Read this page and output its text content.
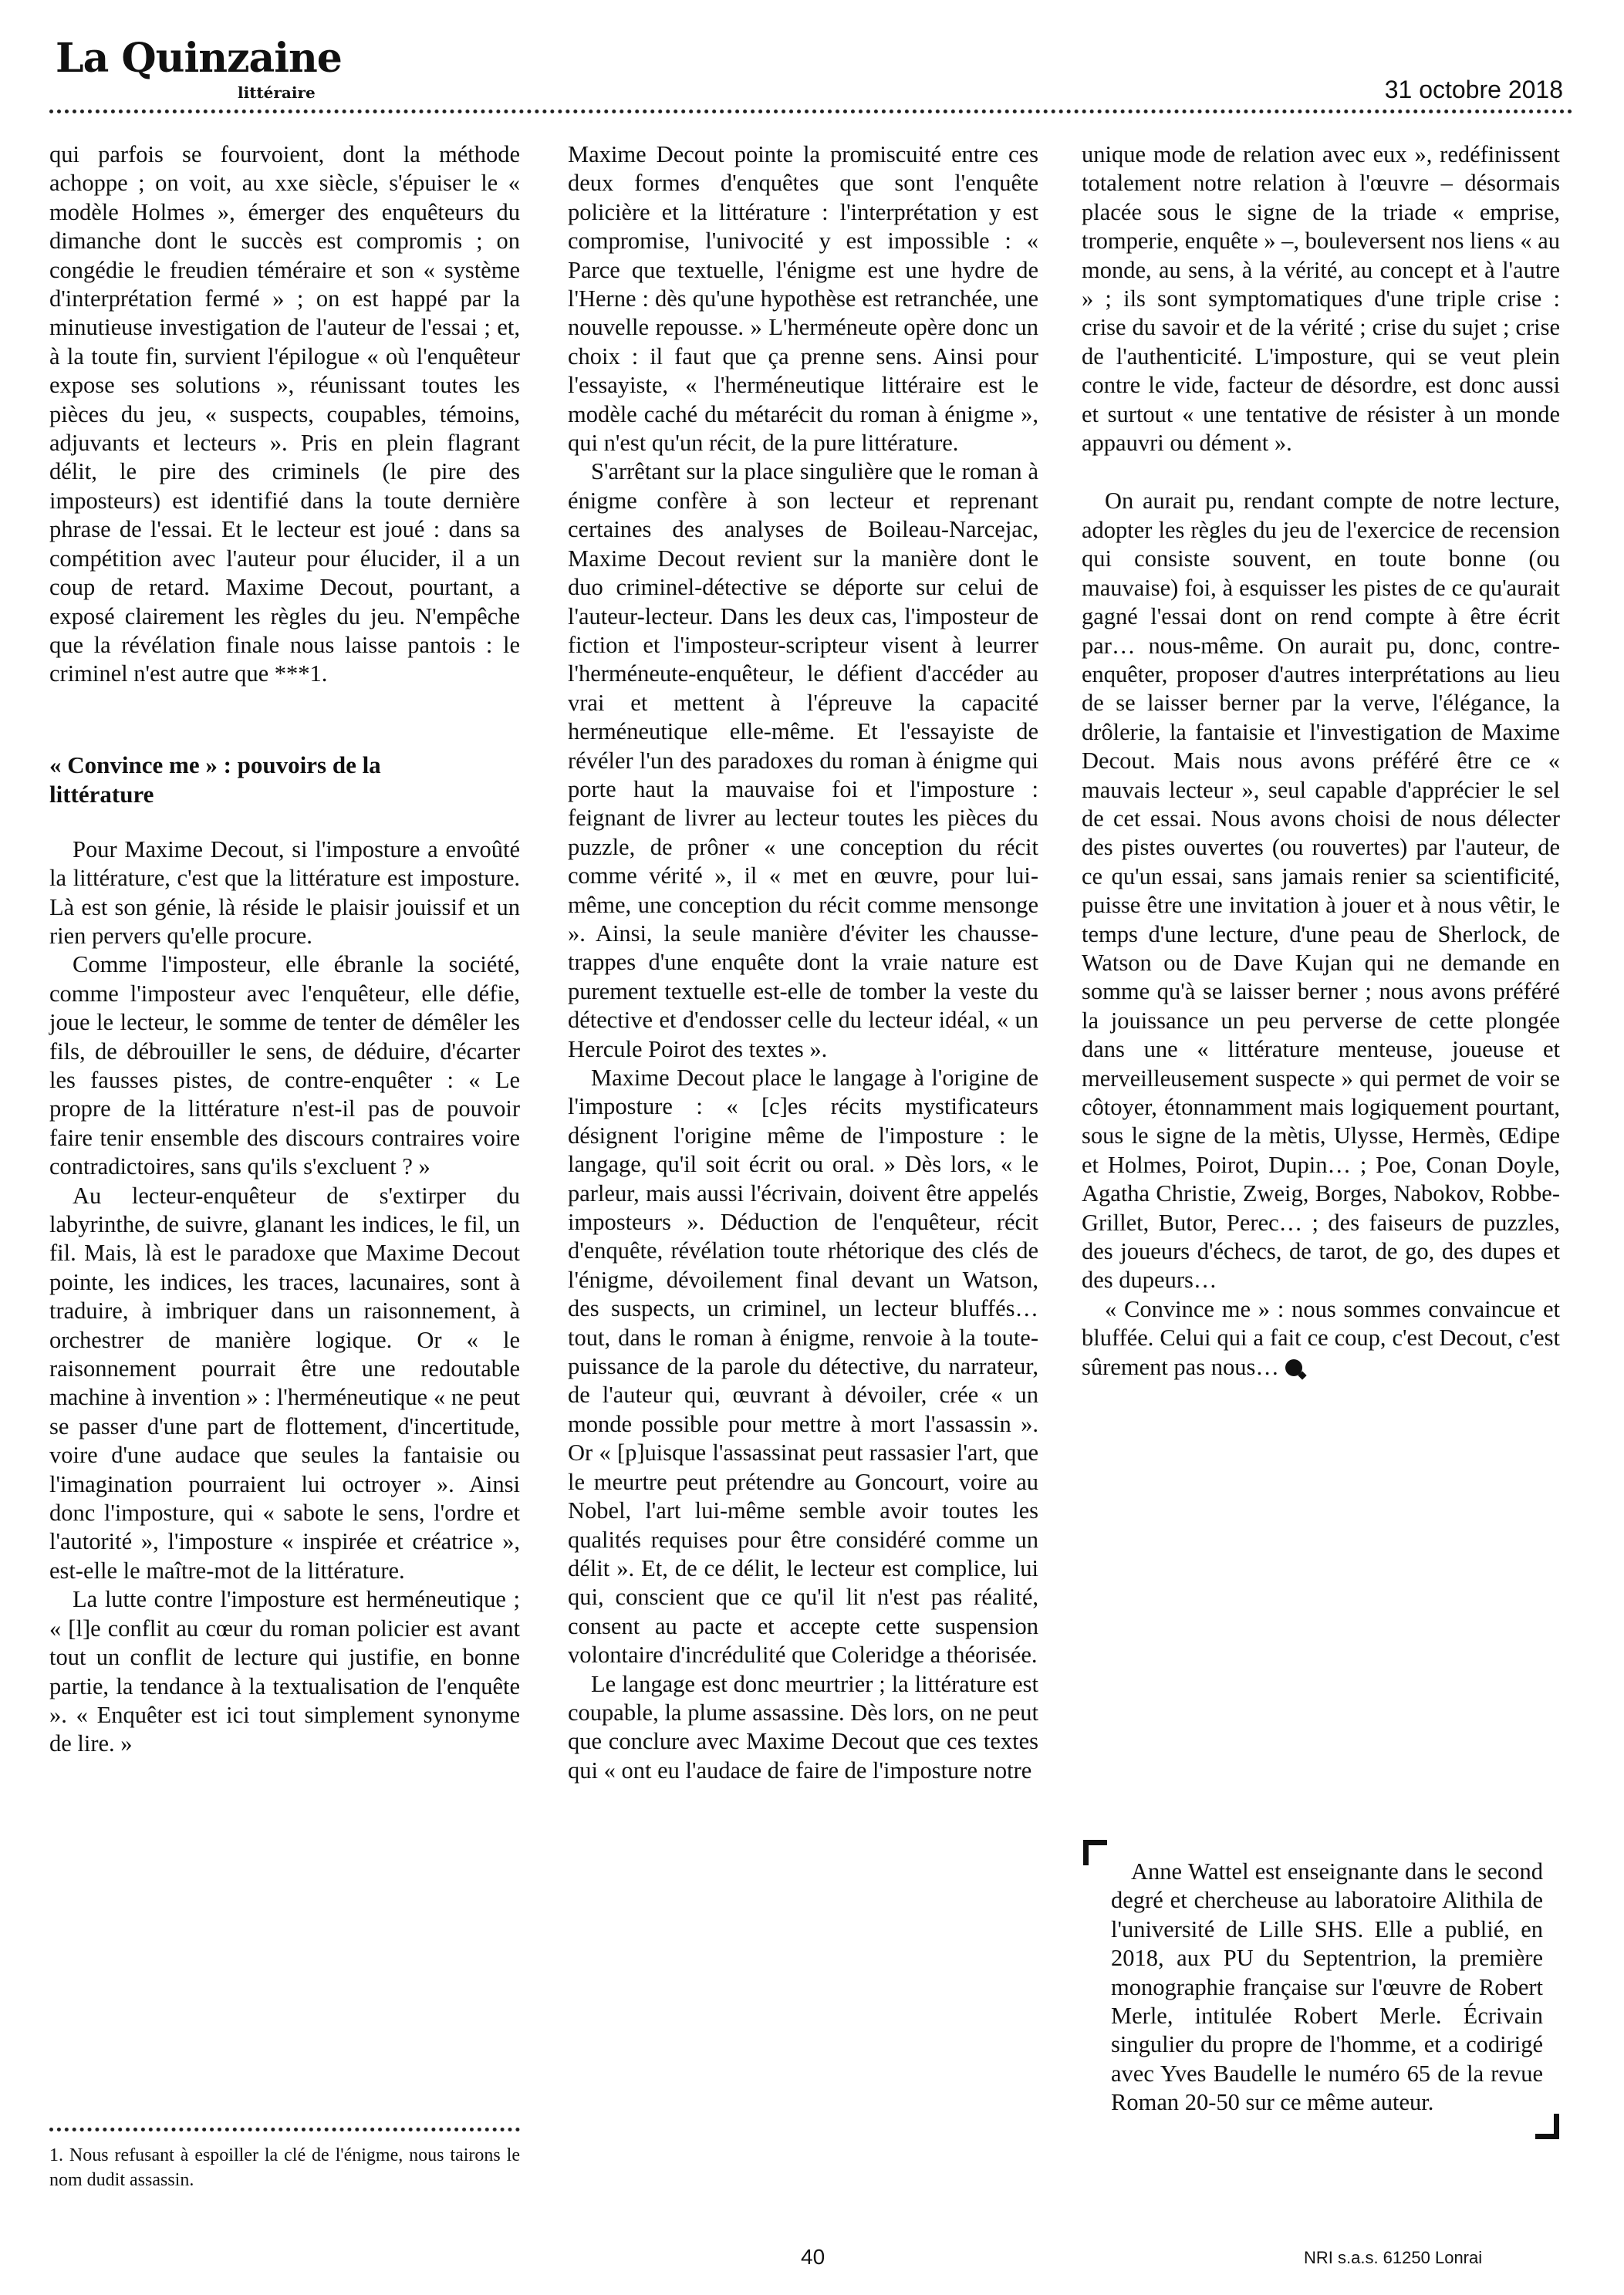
La Quinzaine
littéraire	31 octobre 2018

qui parfois se fourvoient, dont la méthode achoppe ; on voit, au xxe siècle, s'épuiser le « modèle Holmes », émerger des enquêteurs du dimanche dont le succès est compromis ; on congédie le freudien téméraire et son « système d'interprétation fermé » ; on est happé par la minutieuse investigation de l'auteur de l'essai ; et, à la toute fin, survient l'épilogue « où l'enquêteur expose ses solutions », réunissant toutes les pièces du jeu, « suspects, coupables, témoins, adjuvants et lecteurs ». Pris en plein flagrant délit, le pire des criminels (le pire des imposteurs) est identifié dans la toute dernière phrase de l'essai. Et le lecteur est joué : dans sa compétition avec l'auteur pour élucider, il a un coup de retard. Maxime Decout, pourtant, a exposé clairement les règles du jeu. N'empêche que la révélation finale nous laisse pantois : le criminel n'est autre que ***1.

« Convince me » : pouvoirs de la
littérature

Pour Maxime Decout, si l'imposture a envoûté la littérature, c'est que la littérature est imposture. Là est son génie, là réside le plaisir jouissif et un rien pervers qu'elle procure.

Comme l'imposteur, elle ébranle la société, comme l'imposteur avec l'enquêteur, elle défie, joue le lecteur, le somme de tenter de démêler les fils, de débrouiller le sens, de déduire, d'écarter les fausses pistes, de contre-enquêter : « Le propre de la littérature n'est-il pas de pouvoir faire tenir ensemble des discours contraires voire contradictoires, sans qu'ils s'excluent ? »

Au lecteur-enquêteur de s'extirper du labyrinthe, de suivre, glanant les indices, le fil, un fil. Mais, là est le paradoxe que Maxime Decout pointe, les indices, les traces, lacunaires, sont à traduire, à imbriquer dans un raisonnement, à orchestrer de manière logique. Or « le raisonnement pourrait être une redoutable machine à invention » : l'herméneutique « ne peut se passer d'une part de flottement, d'incertitude, voire d'une audace que seules la fantaisie ou l'imagination pourraient lui octroyer ». Ainsi donc l'imposture, qui « sabote le sens, l'ordre et l'autorité », l'imposture « inspirée et créatrice », est-elle le maître-mot de la littérature.

La lutte contre l'imposture est herméneutique ; « [l]e conflit au cœur du roman policier est avant tout un conflit de lecture qui justifie, en bonne partie, la tendance à la textualisation de l'enquête ». « Enquêter est ici tout simplement synonyme de lire. »

Maxime Decout pointe la promiscuité entre ces deux formes d'enquêtes que sont l'enquête policière et la littérature : l'interprétation y est compromise, l'univocité y est impossible : « Parce que textuelle, l'énigme est une hydre de l'Herne : dès qu'une hypothèse est retranchée, une nouvelle repousse. » L'herméneute opère donc un choix : il faut que ça prenne sens. Ainsi pour l'essayiste, « l'herméneutique littéraire est le modèle caché du métarécit du roman à énigme », qui n'est qu'un récit, de la pure littérature.

S'arrêtant sur la place singulière que le roman à énigme confère à son lecteur et reprenant certaines des analyses de Boileau-Narcejac, Maxime Decout revient sur la manière dont le duo criminel-détective se déporte sur celui de l'auteur-lecteur. Dans les deux cas, l'imposteur de fiction et l'imposteur-scripteur visent à leurrer l'herméneute-enquêteur, le défient d'accéder au vrai et mettent à l'épreuve la capacité herméneutique elle-même. Et l'essayiste de révéler l'un des paradoxes du roman à énigme qui porte haut la mauvaise foi et l'imposture : feignant de livrer au lecteur toutes les pièces du puzzle, de prôner « une conception du récit comme vérité », il « met en œuvre, pour lui-même, une conception du récit comme mensonge ». Ainsi, la seule manière d'éviter les chausse-trappes d'une enquête dont la vraie nature est purement textuelle est-elle de tomber la veste du détective et d'endosser celle du lecteur idéal, « un Hercule Poirot des textes ».

Maxime Decout place le langage à l'origine de l'imposture : « [c]es récits mystificateurs désignent l'origine même de l'imposture : le langage, qu'il soit écrit ou oral. » Dès lors, « le parleur, mais aussi l'écrivain, doivent être appelés imposteurs ». Déduction de l'enquêteur, récit d'enquête, révélation toute rhétorique des clés de l'énigme, dévoilement final devant un Watson, des suspects, un criminel, un lecteur bluffés… tout, dans le roman à énigme, renvoie à la toute-puissance de la parole du détective, du narrateur, de l'auteur qui, œuvrant à dévoiler, crée « un monde possible pour mettre à mort l'assassin ». Or « [p]uisque l'assassinat peut rassasier l'art, que le meurtre peut prétendre au Goncourt, voire au Nobel, l'art lui-même semble avoir toutes les qualités requises pour être considéré comme un délit ». Et, de ce délit, le lecteur est complice, lui qui, conscient que ce qu'il lit n'est pas réalité, consent au pacte et accepte cette suspension volontaire d'incrédulité que Coleridge a théorisée.

Le langage est donc meurtrier ; la littérature est coupable, la plume assassine. Dès lors, on ne peut que conclure avec Maxime Decout que ces textes qui « ont eu l'audace de faire de l'imposture notre

unique mode de relation avec eux », redéfinissent totalement notre relation à l'œuvre – désormais placée sous le signe de la triade « emprise, tromperie, enquête » –, bouleversent nos liens « au monde, au sens, à la vérité, au concept et à l'autre » ; ils sont symptomatiques d'une triple crise : crise du savoir et de la vérité ; crise du sujet ; crise de l'authenticité. L'imposture, qui se veut plein contre le vide, facteur de désordre, est donc aussi et surtout « une tentative de résister à un monde appauvri ou dément ».

On aurait pu, rendant compte de notre lecture, adopter les règles du jeu de l'exercice de recension qui consiste souvent, en toute bonne (ou mauvaise) foi, à esquisser les pistes de ce qu'aurait gagné l'essai dont on rend compte à être écrit par… nous-même. On aurait pu, donc, contre-enquêter, proposer d'autres interprétations au lieu de se laisser berner par la verve, l'élégance, la drôlerie, la fantaisie et l'investigation de Maxime Decout. Mais nous avons préféré être ce « mauvais lecteur », seul capable d'apprécier le sel de cet essai. Nous avons choisi de nous délecter des pistes ouvertes (ou rouvertes) par l'auteur, de ce qu'un essai, sans jamais renier sa scientificité, puisse être une invitation à jouer et à nous vêtir, le temps d'une lecture, d'une peau de Sherlock, de Watson ou de Dave Kujan qui ne demande en somme qu'à se laisser berner ; nous avons préféré la jouissance un peu perverse de cette plongée dans une « littérature menteuse, joueuse et merveilleusement suspecte » qui permet de voir se côtoyer, étonnamment mais logiquement pourtant, sous le signe de la mètis, Ulysse, Hermès, Œdipe et Holmes, Poirot, Dupin… ; Poe, Conan Doyle, Agatha Christie, Zweig, Borges, Nabokov, Robbe-Grillet, Butor, Perec… ; des faiseurs de puzzles, des joueurs d'échecs, de tarot, de go, des dupes et des dupeurs…

« Convince me » : nous sommes convaincue et bluffée. Celui qui a fait ce coup, c'est Decout, c'est sûrement pas nous…

1. Nous refusant à espoiller la clé de l'énigme, nous tairons le nom dudit assassin.

Anne Wattel est enseignante dans le second degré et chercheuse au laboratoire Alithila de l'université de Lille SHS. Elle a publié, en 2018, aux PU du Septentrion, la première monographie française sur l'œuvre de Robert Merle, intitulée Robert Merle. Écrivain singulier du propre de l'homme, et a codirigé avec Yves Baudelle le numéro 65 de la revue Roman 20-50 sur ce même auteur.

40	NRI s.a.s. 61250 Lonrai
